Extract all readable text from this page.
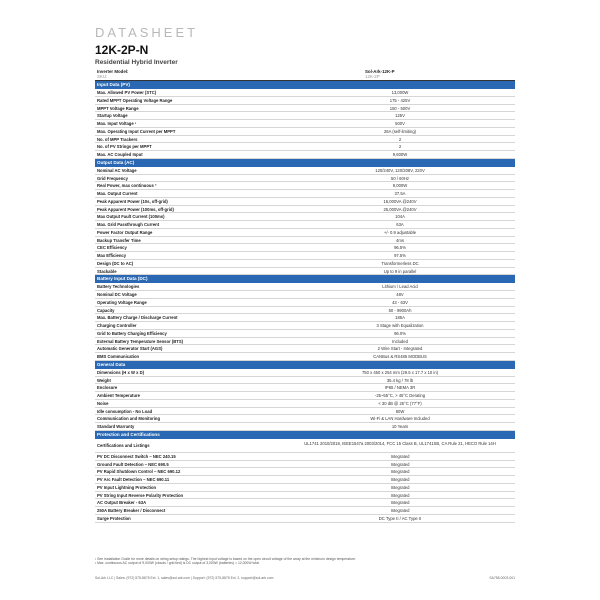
DATASHEET
12K-2P-N
Residential Hybrid Inverter
Inverter Model:	Sol-Ark-12K-P
SKU:	12K-2P
Input Data (PV)
Max. Allowed PV Power (STC)	13,000W
Rated MPPT Operating Voltage Range	175 - 425V
MPPT Voltage Range	150 - 500V
Startup Voltage	125V
Max. Input Voltage ¹	500V
Max. Operating Input Current per MPPT	26A (self-limiting)
No. of MPP Trackers	2
No. of PV Strings per MPPT	2
Max. AC Coupled Input	9,600W
Output Data (AC)
Nominal AC Voltage	120/240V, 120/208V, 220V
Grid Frequency	50 / 60Hz
Real Power, max continuous ²	9,000W
Max. Output Current	37.5A
Peak Apparent Power (10s, off-grid)	16,000VA @240V
Peak Apparent Power (100ms, off-grid)	25,000VA @240V
Max Output Fault Current (100ms)	104A
Max. Grid Passthrough Current	63A
Power Factor Output Range	+/- 0.9 adjustable
Backup Transfer Time	4ms
CEC Efficiency	96.5%
Max Efficiency	97.5%
Design (DC to AC)	Transformerless DC
Stackable	Up to 9 in parallel
Battery Input Data (DC)
Battery Technologies	Lithium / Lead Acid
Nominal DC Voltage	48V
Operating Voltage Range	43 - 63V
Capacity	50 - 9900Ah
Max. Battery Charge / Discharge Current	185A
Charging Controller	3 Stage with Equalization
Grid to Battery Charging Efficiency	96.0%
External Battery Temperature Sensor (BTS)	Included
Automatic Generator Start (AGS)	2 Wire Start - Integrated
BMS Communication	CANBus & RS485 MODBUS
General Data
Dimensions (H x W x D)	750 x 450 x 254 mm (29.5 x 17.7 x 10 in)
Weight	35.4 kg / 78 lb
Enclosure	IP65 / NEMA 3R
Ambient Temperature	-25~55°C, > 45°C Derating
Noise	< 30 dB @ 25°C (77°F)
Idle consumption - No Load	60W
Communication and Monitoring	Wi-Fi & LAN Hardware Included
Standard Warranty	10 Years
Protection and Certifications
Certifications and Listings	UL1741 2010/2018, IEEE1547a 2003/2014, FCC 15 Class B, UL1741SB, CA Rule 21, HECO Rule 14H
PV DC Disconnect Switch – NEC 240.15	Integrated
Ground Fault Detection – NEC 690.5	Integrated
PV Rapid Shutdown Control – NEC 690.12	Integrated
PV Arc Fault Detection – NEC 690.11	Integrated
PV Input Lightning Protection	Integrated
PV String Input Reverse Polarity Protection	Integrated
AC Output Breaker - 63A	Integrated
250A Battery Breaker / Disconnect	Integrated
Surge Protection	DC Type II / AC Type II
¹ See Installation Guide for more details on string setup ratings. The highest input voltage is based on the open circuit voltage of the array at the minimum design temperature.
² Max. continuous AC output of 9,000W (clouds / grid tied) is DC output of 3,000W (batteries) = 12,000W total.
Sol-Ark LLC | Sales: (972) 575-8875 Ext. 1, sales@sol-ark.com | Support: (972) 575-8875 Ext. 2, support@sol-ark.com	SA758-0003-001
